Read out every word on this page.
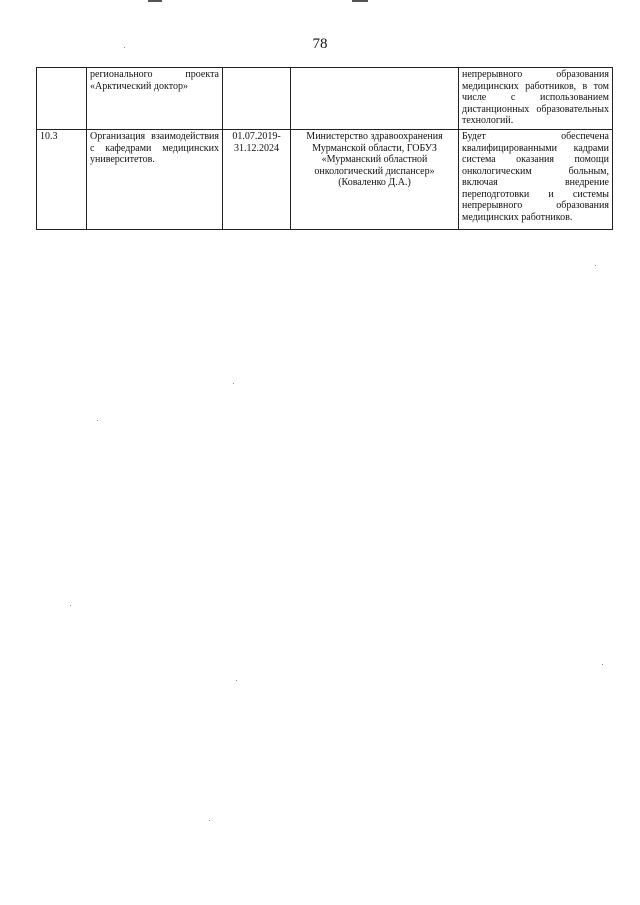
78
	регионального проекта «Арктический доктор»			непрерывного образования медицинских работников, в том числе с использованием дистанционных образовательных технологий.
10.3	Организация взаимодействия с кафедрами медицинских университетов.	01.07.2019-31.12.2024	Министерство здравоохранения Мурманской области, ГОБУЗ «Мурманский областной онкологический диспансер» (Коваленко Д.А.)	Будет обеспечена квалифицированными кадрами система оказания помощи онкологическим больным, включая внедрение переподготовки и системы непрерывного образования медицинских работников.
